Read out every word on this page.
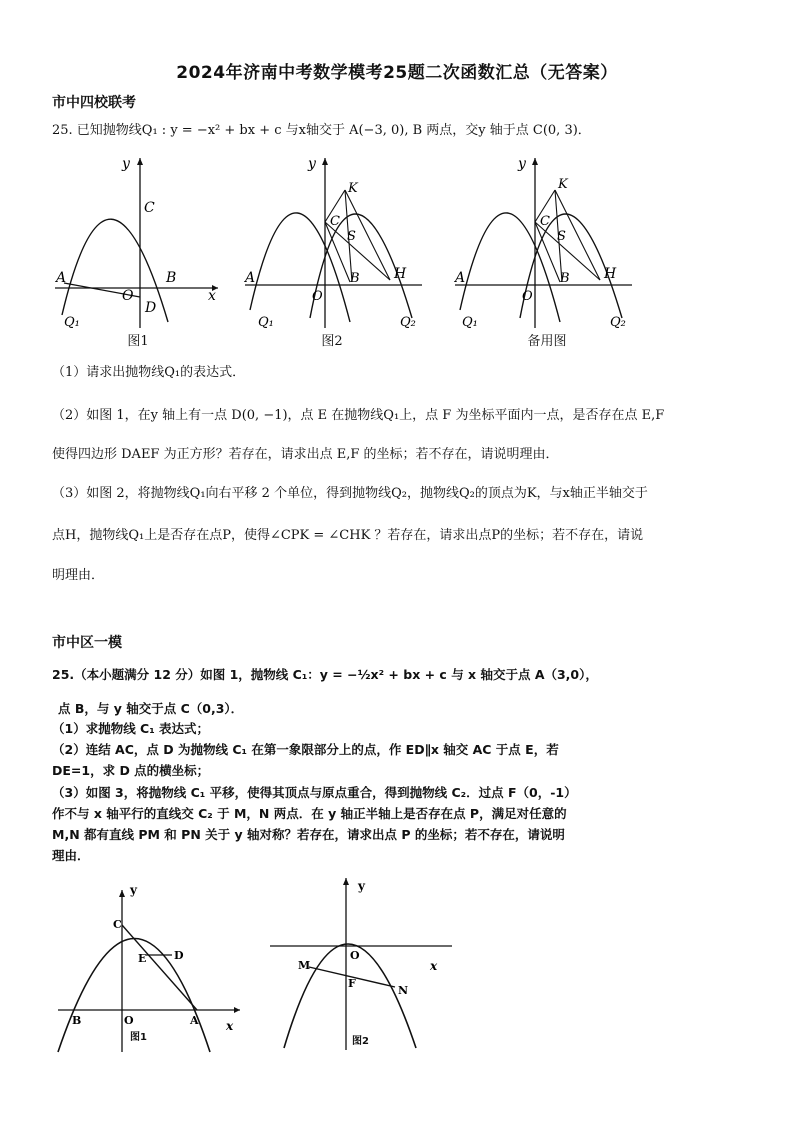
2024年济南中考数学模考25题二次函数汇总（无答案）
市中四校联考
25. 已知抛物线Q₁ : y = −x² + bx + c 与x轴交于 A(−3, 0), B 两点，交y 轴于点 C(0, 3)．
y
C
A	B
O
D
x
Q₁
图1
y
K
C
S
A	B H
O
Q₁	Q₂
图2
y
K
C
S
A	B H
O
Q₁	Q₂
备用图
（1）请求出抛物线Q₁的表达式．
（2）如图 1，在y 轴上有一点 D(0, −1)，点 E 在抛物线Q₁上，点 F 为坐标平面内一点，是否存在点 E,F
使得四边形 DAEF 为正方形？若存在，请求出点 E,F 的坐标；若不存在，请说明理由．
（3）如图 2，将抛物线Q₁向右平移 2 个单位，得到抛物线Q₂，抛物线Q₂的顶点为K，与x轴正半轴交于
点H，抛物线Q₁上是否存在点P，使得∠CPK = ∠CHK ？若存在，请求出点P的坐标；若不存在，请说
明理由．
市中区一模
25.（本小题满分 12 分）如图 1，抛物线 C₁：y = −½x² + bx + c 与 x 轴交于点 A（3,0），
点 B，与 y 轴交于点 C（0,3）．
（1）求抛物线 C₁ 表达式；
（2）连结 AC，点 D 为抛物线 C₁ 在第一象限部分上的点，作 ED∥x 轴交 AC 于点 E，若
DE=1，求 D 点的横坐标；
（3）如图 3，将抛物线 C₁ 平移，使得其顶点与原点重合，得到抛物线 C₂．过点 F（0，-1）
作不与 x 轴平行的直线交 C₂ 于 M，N 两点．在 y 轴正半轴上是否存在点 P，满足对任意的
M,N 都有直线 PM 和 PN 关于 y 轴对称？若存在，请求出点 P 的坐标；若不存在，请说明
理由．
y
C
E	D
B	O	A x
图1
y
O
x
M
F
N
图2
